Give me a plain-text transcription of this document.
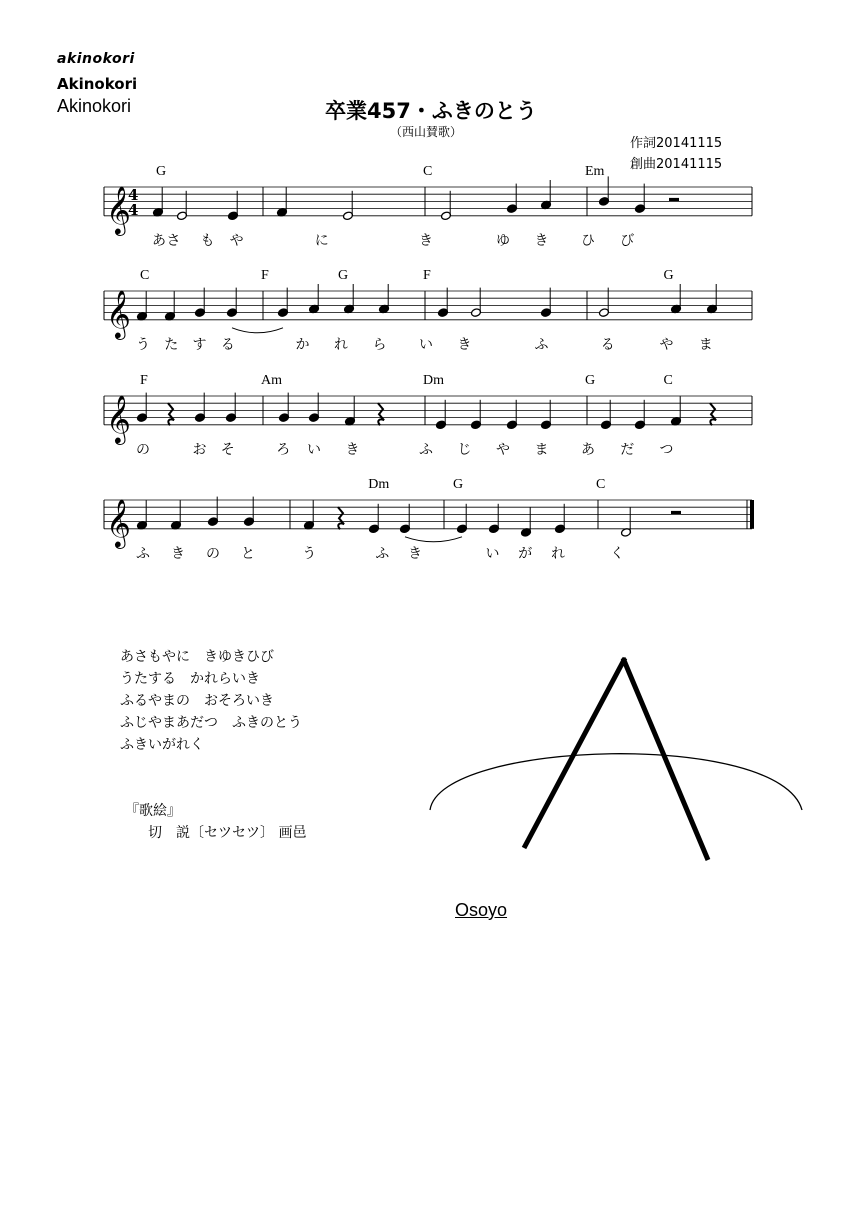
akinokori
Akinokori
Akinokori	卒業457・ふきのとう
（西山賛歌）
作詞20141115
創曲20141115
𝄞
4
4
G	C	Em
あ さ も や	に	き	ゆ き ひ び
𝄞
C	F	G	F	G
う た す る	か れ ら い き	ふ	る	や ま
𝄞
F	Am	Dm	G	C
の	お そ	ろ い き	ふ じ や ま あ だ つ
𝄞
Dm	G	C
ふ き の と	う	ふ き	い が れ	く
あさもやに　きゆきひび
うたする　かれらいき
ふるやまの　おそろいき
ふじやまあだつ　ふきのとう
ふきいがれく
『歌絵』
切　説〔セツセツ〕 画邑
Osoyo
